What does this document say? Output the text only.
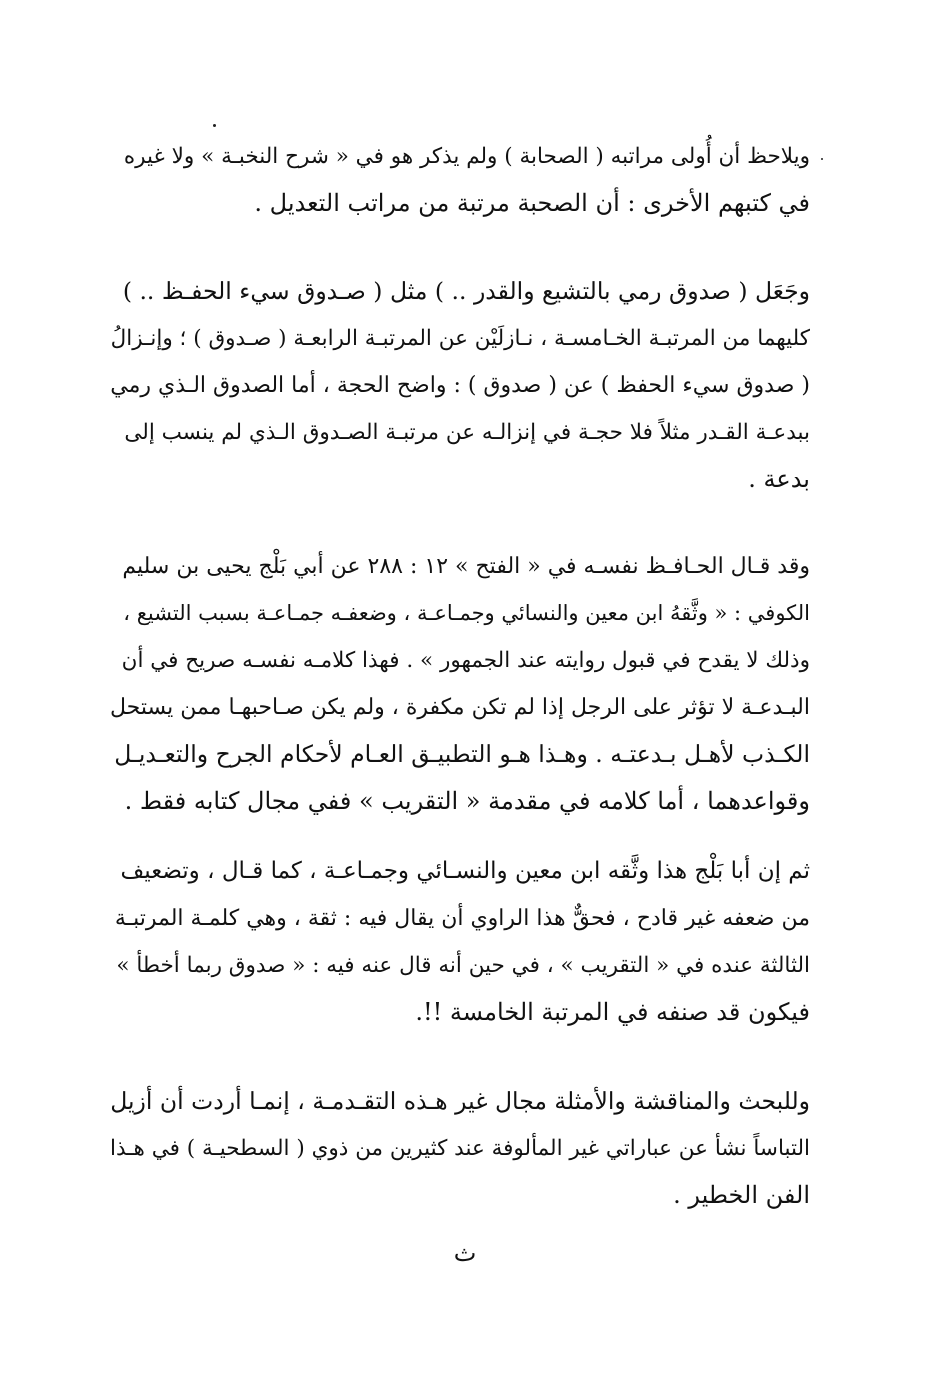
ويلاحظ أن أُولى مراتبه ( الصحابة ) ولم يذكر هو في « شرح النخبـة » ولا غيره
في كتبهم الأخرى : أن الصحبة مرتبة من مراتب التعديل .
وجَعَل ( صدوق رمي بالتشيع والقدر .. ) مثل ( صـدوق سيء الحفـظ .. )
كليهما من المرتبـة الخـامسـة ، نـازلَيْن عن المرتبـة الرابعـة ( صـدوق ) ؛ وإنـزالُ
( صدوق سيء الحفظ ) عن ( صدوق ) : واضح الحجة ، أما الصدوق الـذي رمي
ببدعـة القـدر مثلاً فلا حجـة في إنزالـه عن مرتبـة الصـدوق الـذي لم ينسب إلى
بدعة .
وقد قـال الحـافـظ نفسـه في « الفتح » ١٢ : ٢٨٨ عن أبي بَلْج يحيى بن سليم
الكوفي : « وثَّقهُ ابن معين والنسائي وجمـاعـة ، وضعفـه جمـاعـة بسبب التشيع ،
وذلك لا يقدح في قبول روايته عند الجمهور » . فهذا كلامـه نفسـه صريح في أن
البـدعـة لا تؤثر على الرجل إذا لم تكن مكفرة ، ولم يكن صـاحبهـا ممن يستحل
الكـذب لأهـل بـدعتـه . وهـذا هـو التطبيـق العـام لأحكام الجرح والتعـديـل
وقواعدهما ، أما كلامه في مقدمة « التقريب » ففي مجال كتابه فقط .
ثم إن أبا بَلْج هذا وثَّقه ابن معين والنسـائي وجمـاعـة ، كما قـال ، وتضعيف
من ضعفه غير قادح ، فحقٌّ هذا الراوي أن يقال فيه : ثقة ، وهي كلمـة المرتبـة
الثالثة عنده في « التقريب » ، في حين أنه قال عنه فيه : « صدوق ربما أخطأ »
فيكون قد صنفه في المرتبة الخامسة !!.
وللبحث والمناقشة والأمثلة مجال غير هـذه التقـدمـة ، إنمـا أردت أن أزيل
التباساً نشأ عن عباراتي غير المألوفة عند كثيرين من ذوي ( السطحيـة ) في هـذا
الفن الخطير .
ث
